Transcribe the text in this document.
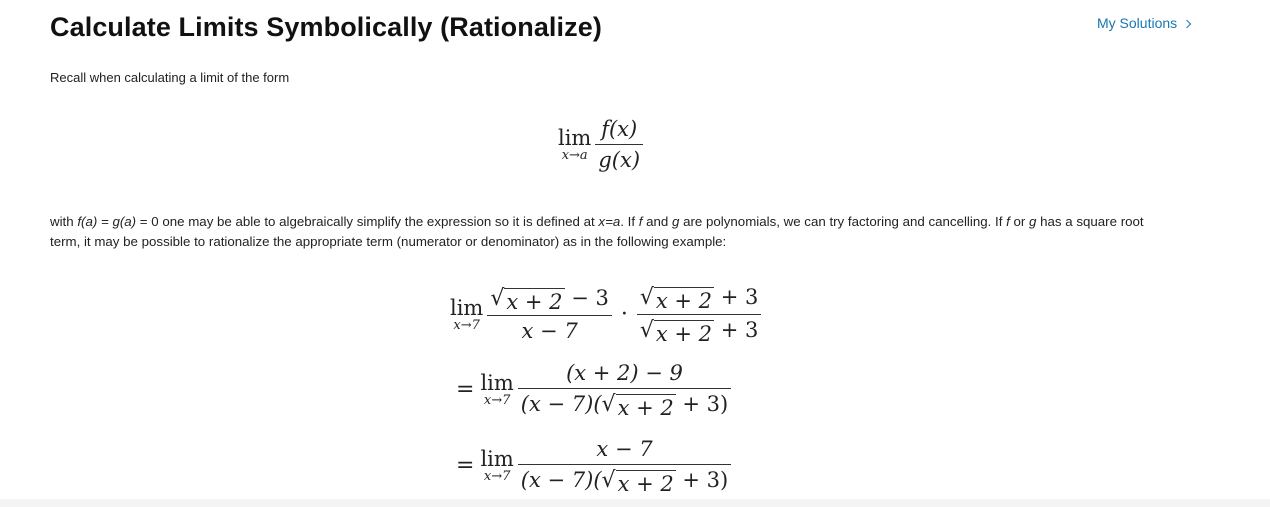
Calculate Limits Symbolically (Rationalize)	My Solutions

Recall when calculating a limit of the form

lim
$x\to a \frac{f(x)}{g(x)}$

with f(a) = g(a) = 0 one may be able to algebraically simplify the expression so it is defined at x=a. If f and g are polynomials, we can try factoring and cancelling. If f or g has a square root term, it may be possible to rationalize the appropriate term (numerator or denominator) as in the following example:

lim
$x\to 7 \frac{√ x + 2 - 3}{x - 7} \cdot \frac{√ x + 2 + 3}{√ x + 2 + 3}$
= lim
$x\to 7 \frac{(x + 2) - 9}{(x - 7)( √ x + 2 + 3)}$
= lim
$x\to 7 \frac{x - 7}{(x - 7)( √ x + 2 + 3)}$
